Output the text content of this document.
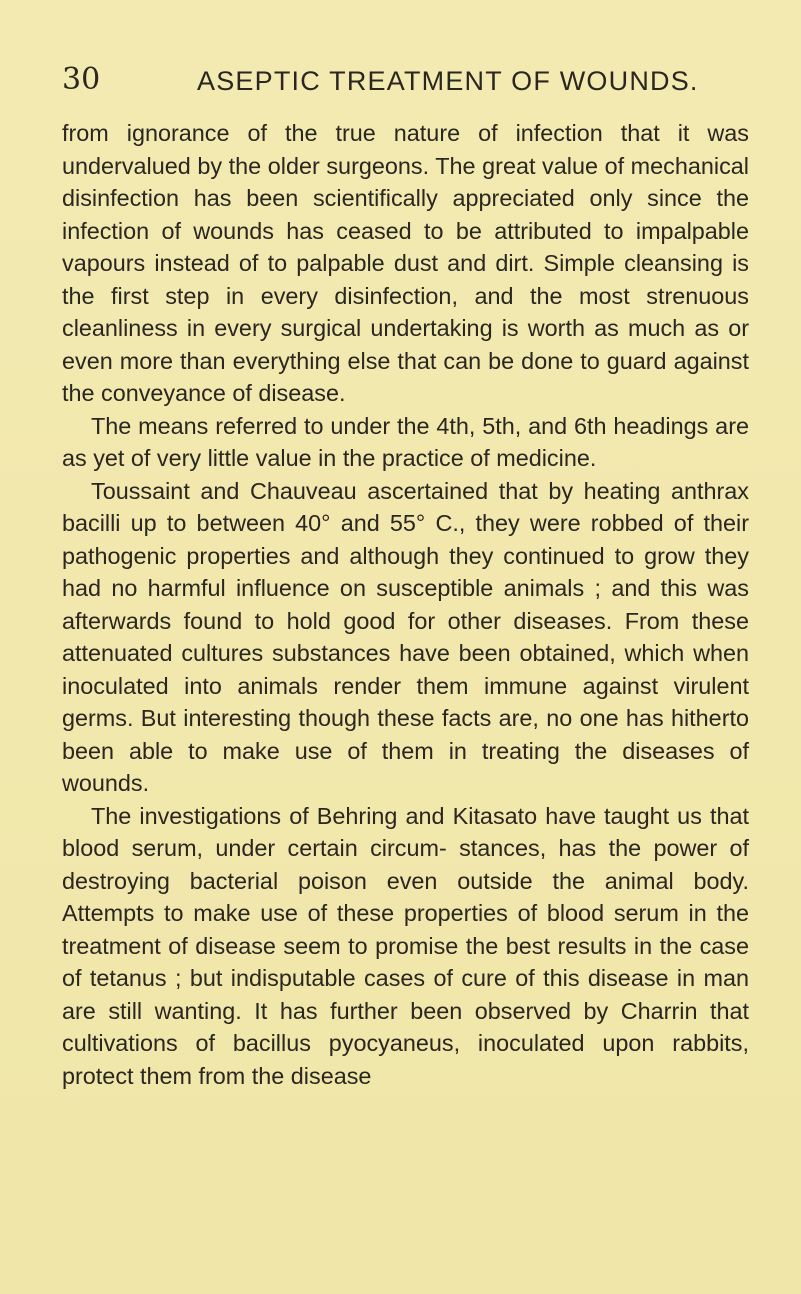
30	ASEPTIC TREATMENT OF WOUNDS.

from ignorance of the true nature of infection that it was undervalued by the older surgeons. The great value of mechanical disinfection has been scientifically appreciated only since the infection of wounds has ceased to be attributed to impalpable vapours instead of to palpable dust and dirt. Simple cleansing is the first step in every disinfection, and the most strenuous cleanliness in every surgical undertaking is worth as much as or even more than everything else that can be done to guard against the conveyance of disease.

The means referred to under the 4th, 5th, and 6th headings are as yet of very little value in the practice of medicine.

Toussaint and Chauveau ascertained that by heating anthrax bacilli up to between 40° and 55° C., they were robbed of their pathogenic properties and although they continued to grow they had no harmful influence on susceptible animals ; and this was afterwards found to hold good for other diseases. From these attenuated cultures substances have been obtained, which when inoculated into animals render them immune against virulent germs. But interesting though these facts are, no one has hitherto been able to make use of them in treating the diseases of wounds.

The investigations of Behring and Kitasato have taught us that blood serum, under certain circum- stances, has the power of destroying bacterial poison even outside the animal body. Attempts to make use of these properties of blood serum in the treatment of disease seem to promise the best results in the case of tetanus ; but indisputable cases of cure of this disease in man are still wanting. It has further been observed by Charrin that cultivations of bacillus pyocyaneus, inoculated upon rabbits, protect them from the disease
